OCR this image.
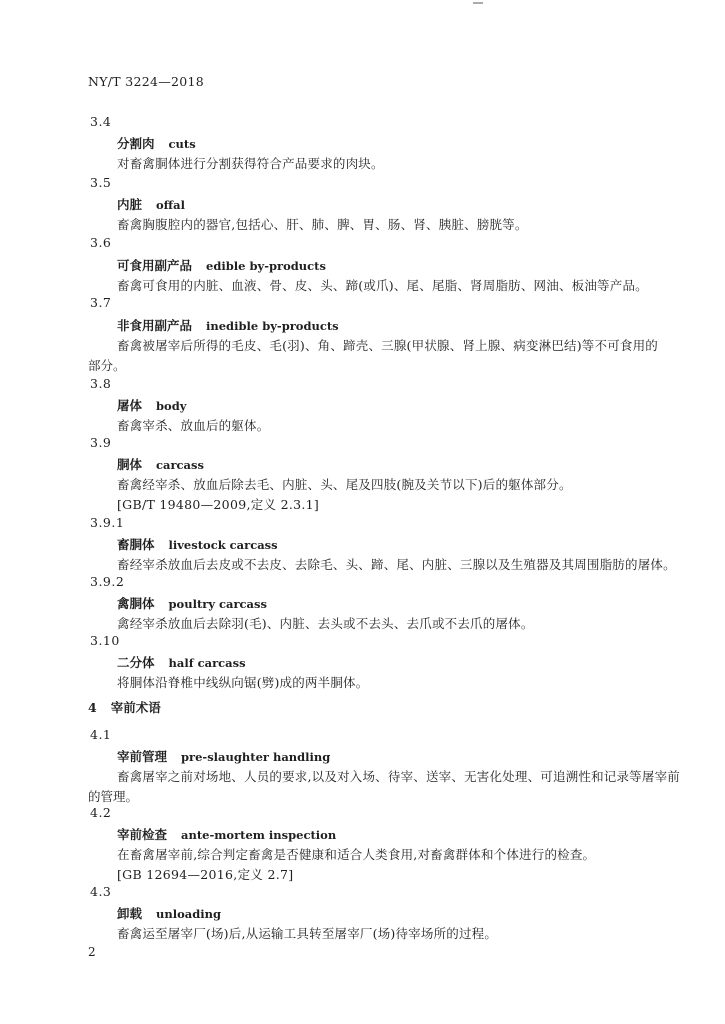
NY/T 3224—2018
3.4
分割肉 cuts
对畜禽胴体进行分割获得符合产品要求的肉块。
3.5
内脏 offal
畜禽胸腹腔内的器官,包括心、肝、肺、脾、胃、肠、肾、胰脏、膀胱等。
3.6
可食用副产品 edible by-products
畜禽可食用的内脏、血液、骨、皮、头、蹄(或爪)、尾、尾脂、肾周脂肪、网油、板油等产品。
3.7
非食用副产品 inedible by-products
畜禽被屠宰后所得的毛皮、毛(羽)、角、蹄壳、三腺(甲状腺、肾上腺、病变淋巴结)等不可食用的
部分。
3.8
屠体 body
畜禽宰杀、放血后的躯体。
3.9
胴体 carcass
畜禽经宰杀、放血后除去毛、内脏、头、尾及四肢(腕及关节以下)后的躯体部分。
[GB/T 19480—2009,定义 2.3.1]
3.9.1
畜胴体 livestock carcass
畜经宰杀放血后去皮或不去皮、去除毛、头、蹄、尾、内脏、三腺以及生殖器及其周围脂肪的屠体。
3.9.2
禽胴体 poultry carcass
禽经宰杀放血后去除羽(毛)、内脏、去头或不去头、去爪或不去爪的屠体。
3.10
二分体 half carcass
将胴体沿脊椎中线纵向锯(劈)成的两半胴体。
4 宰前术语
4.1
宰前管理 pre-slaughter handling
畜禽屠宰之前对场地、人员的要求,以及对入场、待宰、送宰、无害化处理、可追溯性和记录等屠宰前
的管理。
4.2
宰前检查 ante-mortem inspection
在畜禽屠宰前,综合判定畜禽是否健康和适合人类食用,对畜禽群体和个体进行的检查。
[GB 12694—2016,定义 2.7]
4.3
卸载 unloading
畜禽运至屠宰厂(场)后,从运输工具转至屠宰厂(场)待宰场所的过程。
2
